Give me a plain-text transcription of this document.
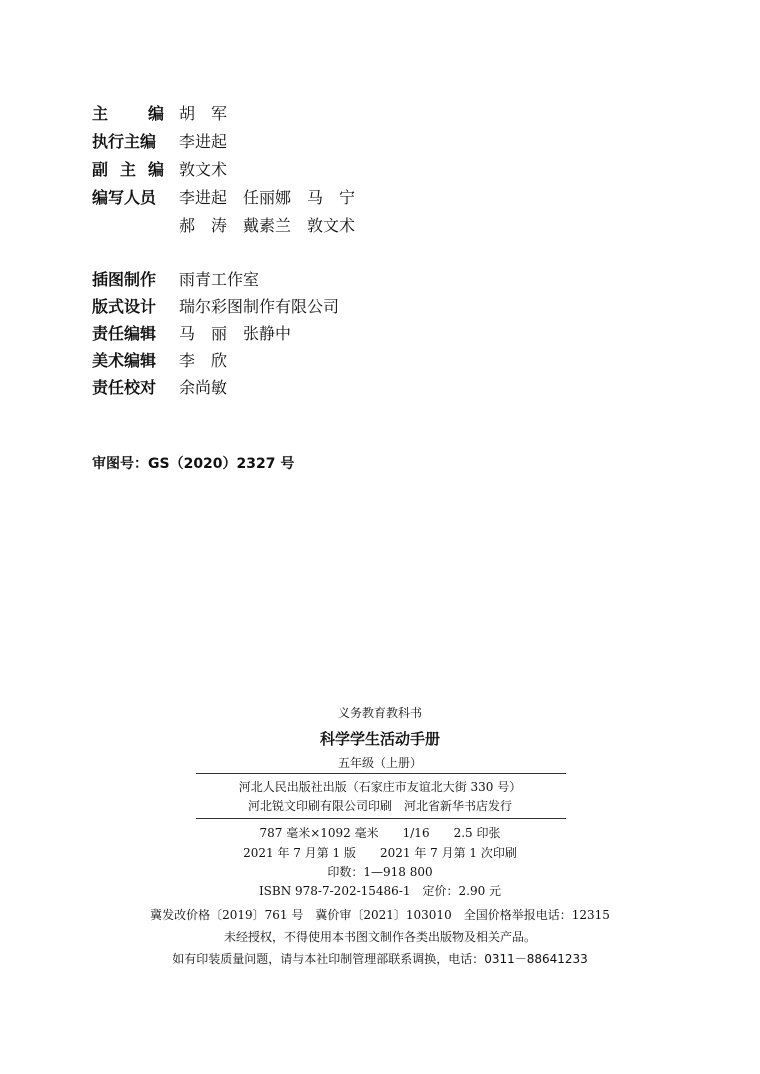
主　编 胡　军
执行主编	李进起
副主编 敦文术
编写人员	李进起　任丽娜　马　宁
郝　涛　戴素兰　敦文术
插图制作	雨青工作室
版式设计	瑞尔彩图制作有限公司
责任编辑	马　丽　张静中
美术编辑	李　欣
责任校对	余尚敏
审图号：GS（2020）2327 号
义务教育教科书
科学学生活动手册
五年级（上册）
河北人民出版社出版（石家庄市友谊北大街 330 号）
河北锐文印刷有限公司印刷　河北省新华书店发行
787 毫米×1092 毫米　　1/16　　2.5 印张
2021 年 7 月第 1 版　　2021 年 7 月第 1 次印刷
印数：1—918 800
ISBN 978-7-202-15486-1　定价：2.90 元
冀发改价格〔2019〕761 号　冀价审〔2021〕103010　全国价格举报电话：12315
未经授权，不得使用本书图文制作各类出版物及相关产品。
如有印装质量问题，请与本社印制管理部联系调换，电话：0311－88641233
